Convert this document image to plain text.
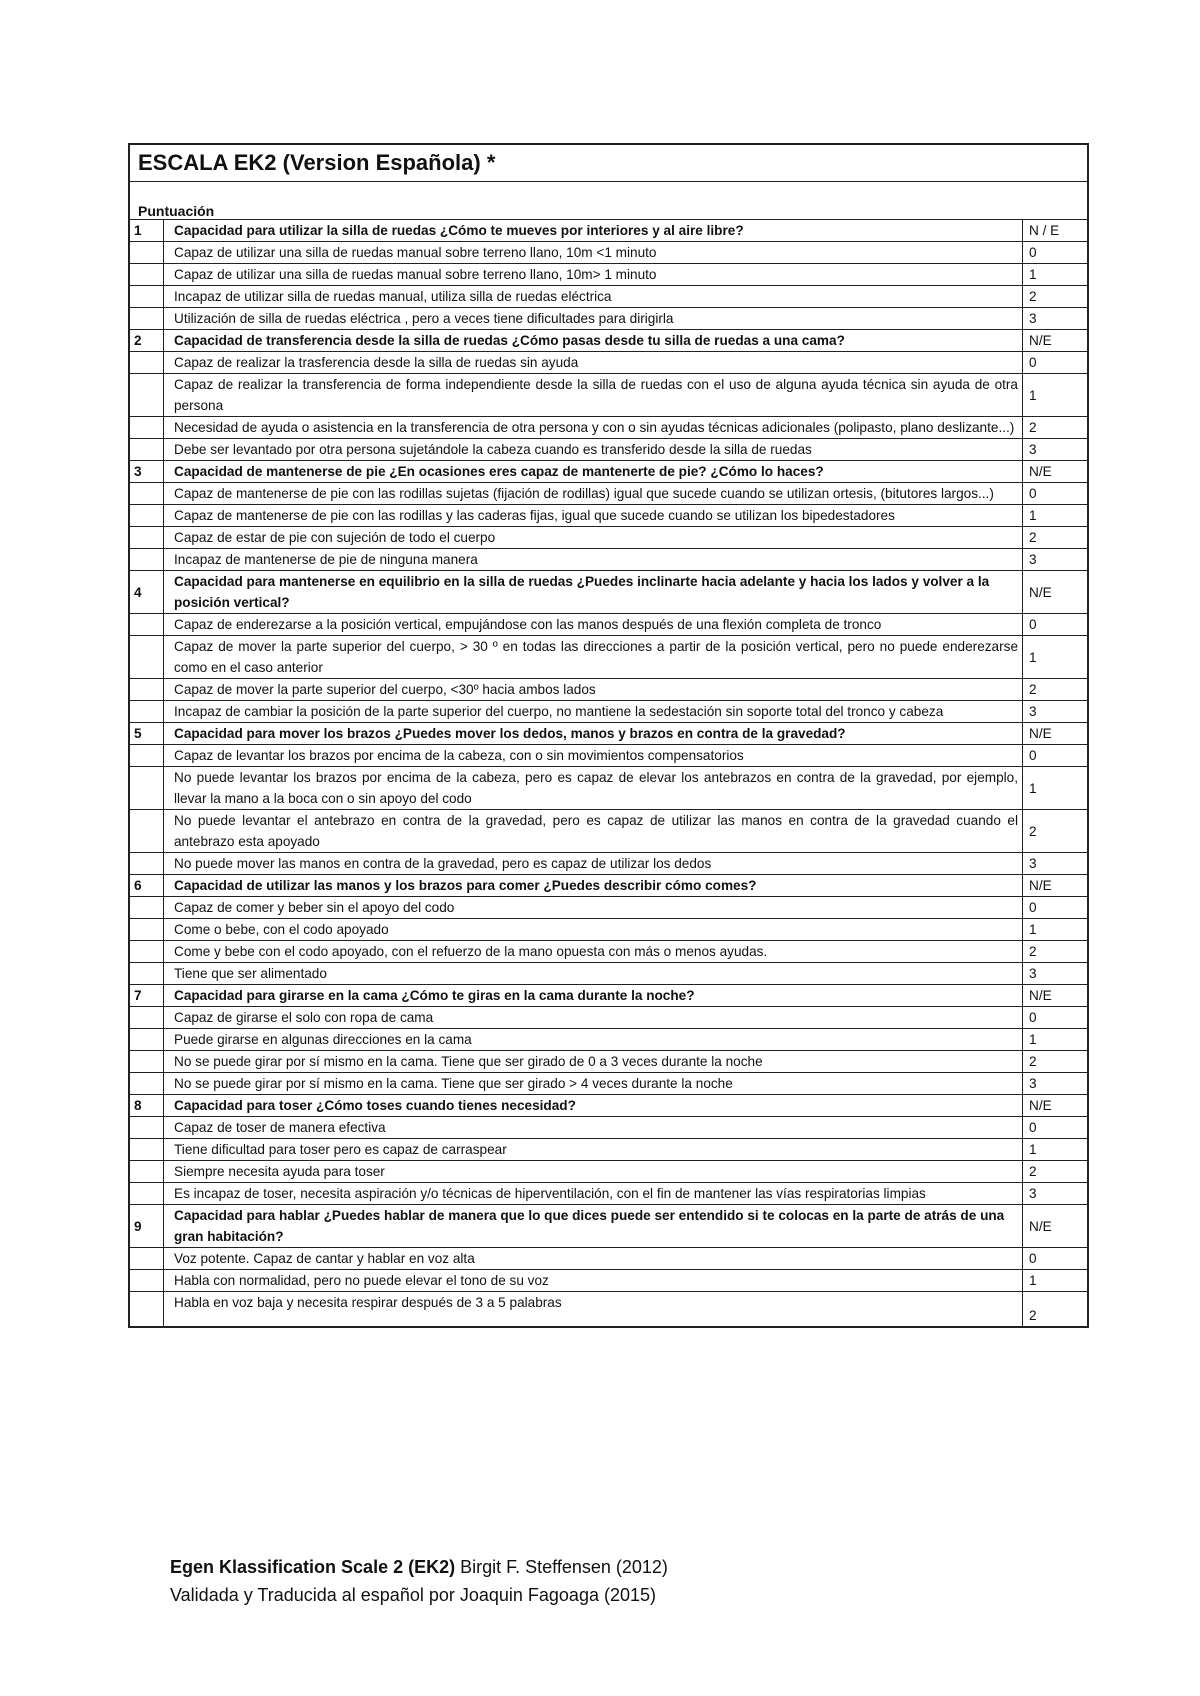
ESCALA EK2 (Version Española) *
Puntuación
1	Capacidad para utilizar la silla de ruedas ¿Cómo te mueves por interiores y al aire libre?	N / E
	Capaz de utilizar una silla de ruedas manual sobre terreno llano, 10m <1 minuto	0
	Capaz de utilizar una silla de ruedas manual sobre terreno llano, 10m> 1 minuto	1
	Incapaz de utilizar silla de ruedas manual, utiliza silla de ruedas eléctrica	2
	Utilización de silla de ruedas eléctrica , pero a veces tiene dificultades para dirigirla	3
2	Capacidad de transferencia desde la silla de ruedas ¿Cómo pasas desde tu silla de ruedas a una cama?	N/E
	Capaz de realizar la trasferencia desde la silla de ruedas sin ayuda	0
	Capaz de realizar la transferencia de forma independiente desde la silla de ruedas con el uso de alguna ayuda técnica sin ayuda de otra persona	1
	Necesidad de ayuda o asistencia en la transferencia de otra persona y con o sin ayudas técnicas adicionales (polipasto, plano deslizante...)	2
	Debe ser levantado por otra persona sujetándole la cabeza cuando es transferido desde la silla de ruedas	3
3	Capacidad de mantenerse de pie ¿En ocasiones eres capaz de mantenerte de pie? ¿Cómo lo haces?	N/E
	Capaz de mantenerse de pie con las rodillas sujetas (fijación de rodillas) igual que sucede cuando se utilizan ortesis, (bitutores largos...)	0
	Capaz de mantenerse de pie con las rodillas y las caderas fijas, igual que sucede cuando se utilizan los bipedestadores	1
	Capaz de estar de pie con sujeción de todo el cuerpo	2
	Incapaz de mantenerse de pie de ninguna manera	3
4	Capacidad para mantenerse en equilibrio en la silla de ruedas ¿Puedes inclinarte hacia adelante y hacia los lados y volver a la posición vertical?	N/E
	Capaz de enderezarse a la posición vertical, empujándose con las manos después de una flexión completa de tronco	0
	Capaz de mover la parte superior del cuerpo, > 30 º en todas las direcciones a partir de la posición vertical, pero no puede enderezarse como en el caso anterior	1
	Capaz de mover la parte superior del cuerpo, <30º hacia ambos lados	2
	Incapaz de cambiar la posición de la parte superior del cuerpo, no mantiene la sedestación sin soporte total del tronco y cabeza	3
5	Capacidad para mover los brazos ¿Puedes mover los dedos, manos y brazos en contra de la gravedad?	N/E
	Capaz de levantar los brazos por encima de la cabeza, con o sin movimientos compensatorios	0
	No puede levantar los brazos por encima de la cabeza, pero es capaz de elevar los antebrazos en contra de la gravedad, por ejemplo, llevar la mano a la boca con o sin apoyo del codo	1
	No puede levantar el antebrazo en contra de la gravedad, pero es capaz de utilizar las manos en contra de la gravedad cuando el antebrazo esta apoyado	2
	No puede mover las manos en contra de la gravedad, pero es capaz de utilizar los dedos	3
6	Capacidad de utilizar las manos y los brazos para comer ¿Puedes describir cómo comes?	N/E
	Capaz de comer y beber sin el apoyo del codo	0
	Come o bebe, con el codo apoyado	1
	Come y bebe con el codo apoyado, con el refuerzo de la mano opuesta con más o menos ayudas.	2
	Tiene que ser alimentado	3
7	Capacidad para girarse en la cama ¿Cómo te giras en la cama durante la noche?	N/E
	Capaz de girarse el solo con ropa de cama	0
	Puede girarse en algunas direcciones en la cama	1
	No se puede girar por sí mismo en la cama. Tiene que ser girado de 0 a 3 veces durante la noche	2
	No se puede girar por sí mismo en la cama. Tiene que ser girado > 4 veces durante la noche	3
8	Capacidad para toser ¿Cómo toses cuando tienes necesidad?	N/E
	Capaz de toser de manera efectiva	0
	Tiene dificultad para toser pero es capaz de carraspear	1
	Siempre necesita ayuda para toser	2
	Es incapaz de toser, necesita aspiración y/o técnicas de hiperventilación, con el fin de mantener las vías respiratorias limpias	3
9	Capacidad para hablar ¿Puedes hablar de manera que lo que dices puede ser entendido si te colocas en la parte de atrás de una gran habitación?	N/E
	Voz potente. Capaz de cantar y hablar en voz alta	0
	Habla con normalidad, pero no puede elevar el tono de su voz	1
	Habla en voz baja y necesita respirar después de 3 a 5 palabras	2
Egen Klassification Scale 2 (EK2) Birgit F. Steffensen (2012)
Validada y Traducida al español por Joaquin Fagoaga (2015)
